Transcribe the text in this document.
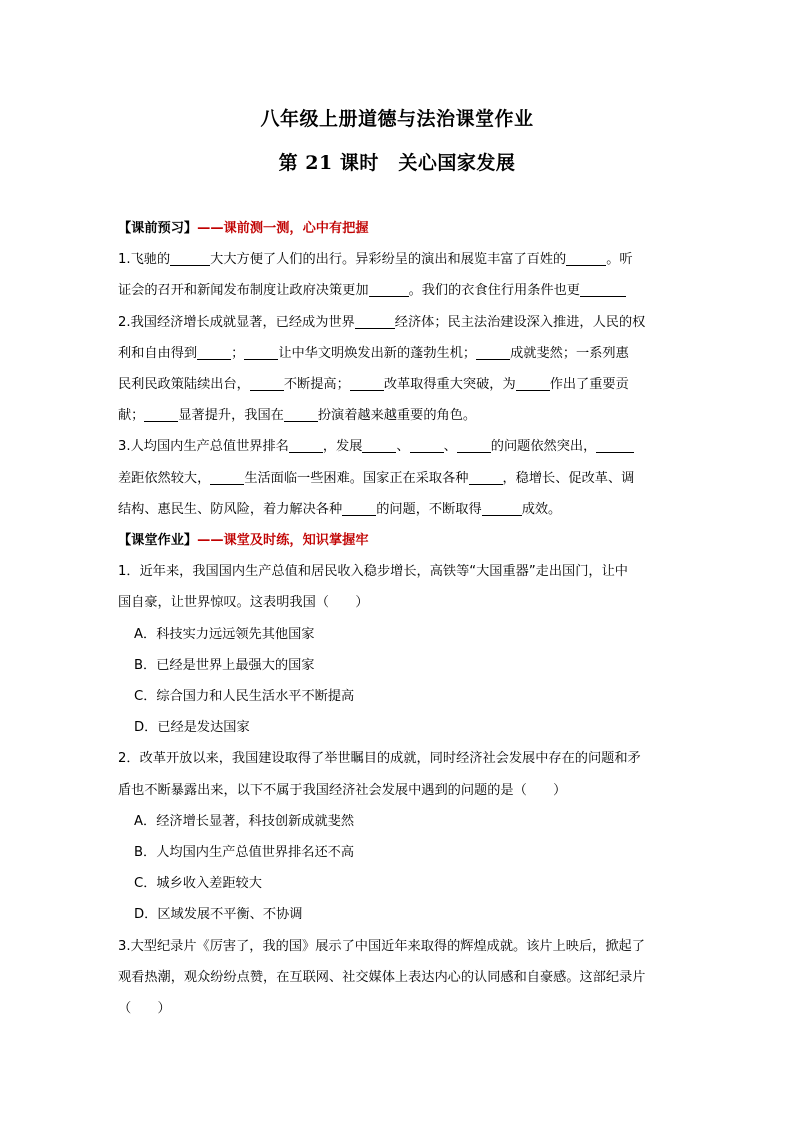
八年级上册道德与法治课堂作业
第 21 课时　关心国家发展

【课前预习】——课前测一测，心中有把握

1.飞驰的	大大方便了人们的出行。异彩纷呈的演出和展览丰富了百姓的	。听

证会的召开和新闻发布制度让政府决策更加	。我们的衣食住行用条件也更

2.我国经济增长成就显著，已经成为世界	经济体；民主法治建设深入推进，人民的权

利和自由得到	；	让中华文明焕发出新的蓬勃生机；	成就斐然；一系列惠

民利民政策陆续出台，	不断提高；	改革取得重大突破，为	作出了重要贡

献；	显著提升，我国在	扮演着越来越重要的角色。

3.人均国内生产总值世界排名	，发展	、	、	的问题依然突出，

差距依然较大，	生活面临一些困难。国家正在采取各种	，稳增长、促改革、调

结构、惠民生、防风险，着力解决各种	的问题，不断取得	成效。

【课堂作业】——课堂及时练，知识掌握牢

1．近年来，我国国内生产总值和居民收入稳步增长，高铁等“大国重器”走出国门，让中

国自豪，让世界惊叹。这表明我国（　　）

A．科技实力远远领先其他国家

B．已经是世界上最强大的国家

C．综合国力和人民生活水平不断提高

D．已经是发达国家

2．改革开放以来，我国建设取得了举世瞩目的成就，同时经济社会发展中存在的问题和矛

盾也不断暴露出来，以下不属于我国经济社会发展中遇到的问题的是（　　）

A．经济增长显著，科技创新成就斐然

B．人均国内生产总值世界排名还不高

C．城乡收入差距较大

D．区域发展不平衡、不协调

3.大型纪录片《厉害了，我的国》展示了中国近年来取得的辉煌成就。该片上映后，掀起了

观看热潮，观众纷纷点赞，在互联网、社交媒体上表达内心的认同感和自豪感。这部纪录片

（　　）
